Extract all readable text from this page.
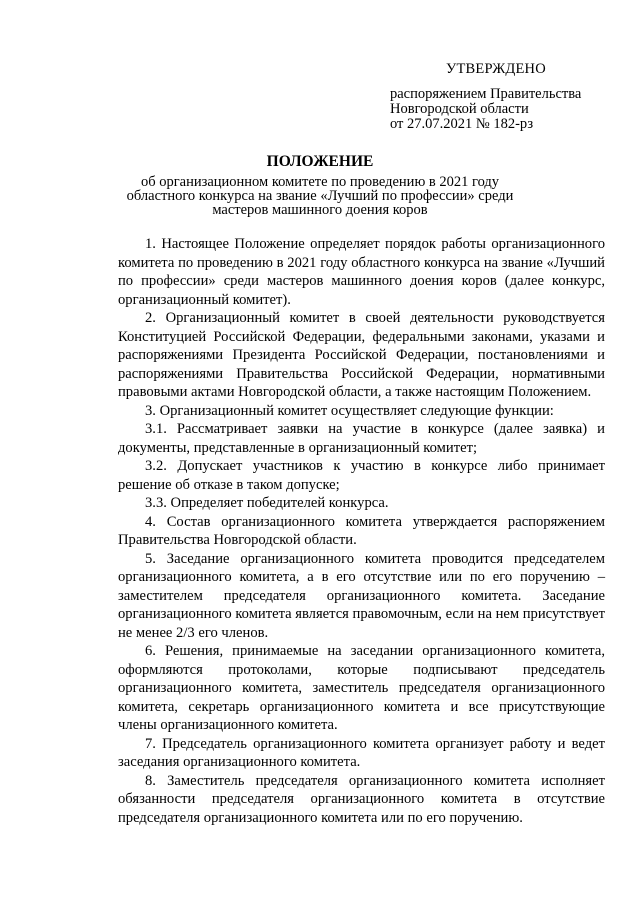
УТВЕРЖДЕНО
распоряжением Правительства
Новгородской области
от 27.07.2021 № 182-рз
ПОЛОЖЕНИЕ
об организационном комитете по проведению в 2021 году областного конкурса на звание «Лучший по профессии» среди мастеров машинного доения коров

1. Настоящее Положение определяет порядок работы организационного комитета по проведению в 2021 году областного конкурса на звание «Лучший по профессии» среди мастеров машинного доения коров (далее конкурс, организационный комитет).

2. Организационный комитет в своей деятельности руководствуется Конституцией Российской Федерации, федеральными законами, указами и распоряжениями Президента Российской Федерации, постановлениями и распоряжениями Правительства Российской Федерации, нормативными правовыми актами Новгородской области, а также настоящим Положением.

3. Организационный комитет осуществляет следующие функции:

3.1. Рассматривает заявки на участие в конкурсе (далее заявка) и документы, представленные в организационный комитет;

3.2. Допускает участников к участию в конкурсе либо принимает решение об отказе в таком допуске;

3.3. Определяет победителей конкурса.

4. Состав организационного комитета утверждается распоряжением Правительства Новгородской области.

5. Заседание организационного комитета проводится председателем организационного комитета, а в его отсутствие или по его поручению – заместителем председателя организационного комитета. Заседание организационного комитета является правомочным, если на нем присутствует не менее 2/3 его членов.

6. Решения, принимаемые на заседании организационного комитета, оформляются протоколами, которые подписывают председатель организационного комитета, заместитель председателя организационного комитета, секретарь организационного комитета и все присутствующие члены организационного комитета.

7. Председатель организационного комитета организует работу и ведет заседания организационного комитета.

8. Заместитель председателя организационного комитета исполняет обязанности председателя организационного комитета в отсутствие председателя организационного комитета или по его поручению.
